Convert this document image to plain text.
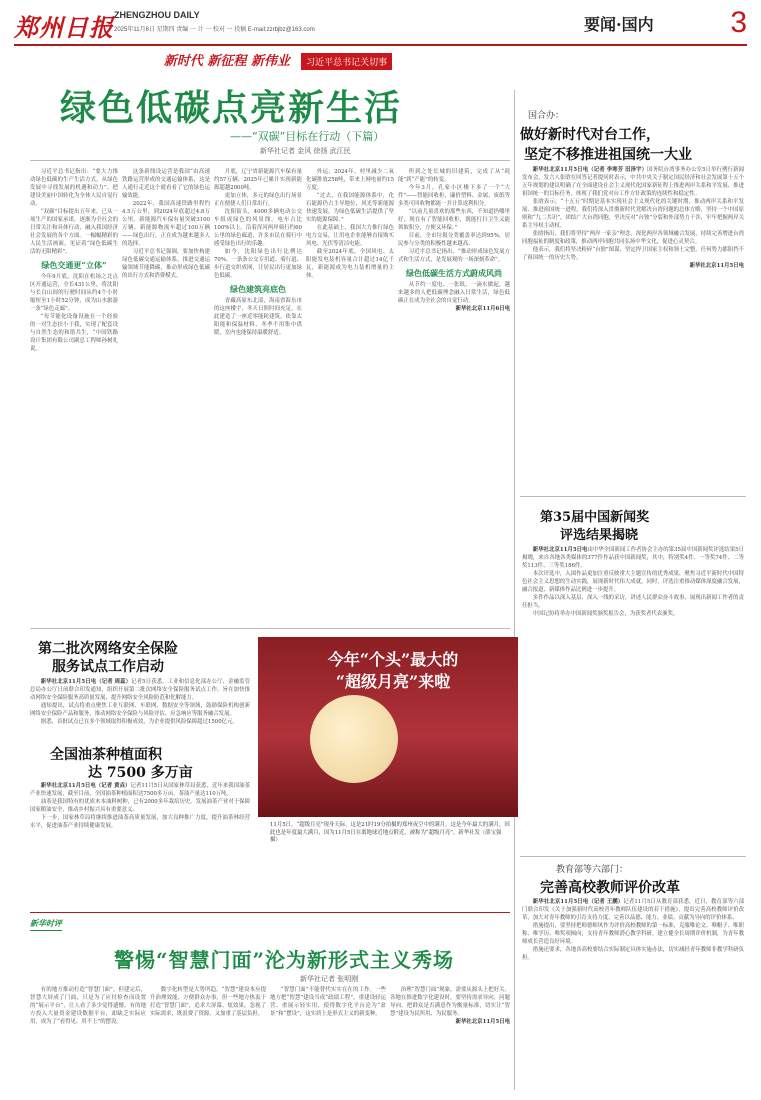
郑州日报 ZHENGZHOU DAILY
2025年11月6日 星期四 责编 一 计 一 校对 一 投稿 E-mail:zzrbjbz@163.com	要闻·国内	3
新时代 新征程 新伟业 习近平总书记关切事
绿色低碳点亮新生活
——“双碳”目标在行动（下篇）
新华社记者 金风 徐扬 武江民

习近平总书记指出：“要大力推动绿色低碳的生产生活方式，从绿色发展中寻找发展的机遇和动力”。把建设美丽中国转化为全体人民自觉行动。

“双碳”目标提出五年来，已从一项生产的国家承诺，逐渐为全社会的日常关注和具体行动，融入我国经济社会发展的各个方面。一幅幅精彩的人民生活画面，见证着“绿色低碳生活的无限精彩”。

绿色交通更“立体”

今年9月底，沈阳在机场之北点区开通运营，全长431公里，将沈阳与长白山间的行驶时间从约4个小时缩短至1小时52分钟，成为山水旅游一条“绿色走廊”。

“每节能化设备设施在一个经验的一对生态扶小于我，实现了配套设与自然生态的和谐共生，“中国铁路设计集团有限公司副总工程师孙树礼说。

这条新线设运营是我国“由高速铁路运营形成的交通运输体系，这是人通行走近这个就看看了它的绿色运输效能。

2022年，我国高速铁路里程约4.5万公里，到2024年底超过4.8万公里。新能源汽车保有量突破3100万辆，新能源物流车超过100万辆——绿色出行，正在成为越来越多人的选择。

习近平总书记强调，要加快构建绿色低碳交通运输体系，推进交通运输领域节能降碳，推动形成绿色低碳的出行方式和消费模式。

月底，辽宁省新能源汽车保有量约57万辆，2025年已累计实现新能源超越2000吨。

更加立体，多元的绿色出行场景正在便捷人们日常出行。

沈阳街头，4000多辆电动公交车组成绿色的风景线，电车占比100%以上。沿着浑河两岸骑行约60公里的绿色廊道，许多市民在骑行中感受绿色出行的乐趣。

如今，沈阳绿色出行比例达70%，一条条公交专用道、骑行道、步行道交织成网，让居民出行更加绿色低碳。

绿色建筑亮底色

青藏高原东北部，海南省海东市的这座楼宇，冬天日照时间充足，在此建造了一座近零能耗建筑，依靠太阳能和保温材料，冬季不用集中供暖，室内也能保持温暖舒适。

外运，2024年，村里减少二氧化碳排放258吨，带来上网电量约15万度。

“过去，在我国能源体系中，化石能源仍占主导地位，风光等新能源快速发展，为绿色低碳生活提供了坚实的能源保障。”

在此基础上，我国大力推行绿色电力交易，让用电企业能够直接购买风电、光伏等清洁电能。

截至2024年底，全国风电、太阳能发电装机容量合计超过14亿千瓦，新能源成为电力装机增量的主体。

所到之处长城的旧建筑，完成了从“耗能”到“产能”的转变。

今年3月，孔家小区楼下多了一个“大件”——智能回收柜，廉价塑料、金属、废纸等多类可回收物都能一并计算返利积分。

“以前儿童喜欢的那些东西，不知道扔哪里好，现在有了智能回收柜，既能打扫卫生又能领取积分，方便又环保。”

目前，全市垃圾分类覆盖率达到95%，居民参与分类的积极性越来越高。

习近平总书记指出，“推动形成绿色发展方式和生活方式，是发展观的一场深刻革命”。

绿色低碳生活方式蔚成风尚

从节约一度电、一张纸、一滴水做起，越来越多的人把低碳理念融入日常生活，绿色低碳正在成为全社会的自觉行动。

新华社北京11月6日电

国合办：
做好新时代对台工作，
坚定不移推进祖国统一大业

新华社北京11月5日电（记者 李寒芳 田泽宇）国务院台湾事务办公室5日举行例行新闻发布会，发言人张晗在回答记者提问时表示，中共中央关于制定国民经济和社会发展第十五个五年规划的建议明确了在全面建设社会主义现代化国家新征程上推进两岸关系和平发展、推进祖国统一的目标任务，体现了我们党对台工作方针政策的连续性和稳定性。

张晗表示，“十五五”时期是基本实现社会主义现代化的关键时期，推动两岸关系和平发展、推进祖国统一进程，我们将深入贯彻新时代党解决台湾问题的总体方略，坚持一个中国原则和“九二共识”，团结广大台湾同胞，坚决反对“台独”分裂和外部势力干涉，牢牢把握两岸关系主导权主动权。

张晗指出，我们将坚持“两岸一家亲”理念，深化两岸各领域融合发展，持续完善增进台湾同胞福祉的制度和政策，推动两岸同胞共同弘扬中华文化，促进心灵契合。

他表示，我们将坚决粉碎“台独”图谋，坚定捍卫国家主权和领土完整，任何势力都阻挡不了祖国统一的历史大势。

新华社北京11月5日电

第35届中国新闻奖
评选结果揭晓

新华社北京11月5日电由中华全国新闻工作者协会主办的第35届中国新闻奖评选结果5日揭晓，来自各地各类媒体的377件作品获中国新闻奖，其中，特别奖4件、一等奖74件、二等奖113件、三等奖186件。

本次评选中，入围作品更加注重反映重大主题宣传的优秀成果，聚焦习近平新时代中国特色社会主义思想的生动实践，展现新时代伟大成就。同时，评选注重推动媒体深度融合发展，融合报道、新媒体作品比例进一步提升。

多件作品以深入基层、深入一线的采访，讲述人民群众奋斗故事，展现出新闻工作者的责任担当。

中国记协将举办中国新闻奖颁奖报告会，为获奖者代表颁奖。

教育部等六部门：
完善高校教师评价改革

新华社北京11月5日电（记者 王鹏）记者11月5日从教育部获悉，近日，教育部等六部门联合印发《关于加强新时代高校青年教师队伍建设的若干措施》，提出完善高校教师评价改革，加大对青年教师的引育支持力度，完善以品德、能力、业绩、贡献为导向的评价体系。

措施提出，要坚持把师德师风作为评价高校教师的第一标准，克服唯论文、唯帽子、唯职称、唯学历、唯奖项倾向，支持青年教师潜心教学科研，建立健全长周期评价机制，为青年教师成长营造良好环境。

措施还要求，各地各高校要结合实际制定具体实施办法，切实减轻青年教师非教学科研负担。

第二批次网络安全保险
服务试点工作启动

新华社北京11月5日电（记者 周蕊）记者5日获悉，工业和信息化部办公厅、金融监管总局办公厅日前联合印发通知，组织开展第二批次网络安全保险服务试点工作，旨在加快推动网络安全保险服务高质量发展，提升网络安全风险防范和化解能力。

通知提出，试点将重点聚焦工业互联网、车联网、数据安全等领域，鼓励保险机构创新网络安全保险产品和服务，推动网络安全保险与风险评估、应急响应等服务融合发展。

据悉，首批试点已在多个领域取得积极成效，为企业提供风险保障超过1500亿元。

全国油茶种植面积
达 7500 多万亩

新华社北京11月5日电（记者 黄垚）记者11月5日从国家林草局获悉，近年来我国油茶产业快速发展，截至目前，全国油茶种植面积达7500多万亩，茶油产量达110万吨。

油茶是我国特有的优质木本油料树种，已有2000多年栽培历史。发展油茶产业对于保障国家粮油安全、推动乡村振兴具有重要意义。

下一步，国家林草局将继续推进油茶高质量发展，加大良种推广力度，提升油茶林经营水平，促进油茶产业持续健康发展。

今年“个头”最大的
“超级月亮”来啦
11月5日，“超级月亮”现身天际。这是21时19分拍摄的郑州夜空中的满月。这是今年最大的满月，因此也是年度最大满月，国为11月5日在离地球近地点附近，被称为“超级月亮”。新华社发（薛宝强 摄）
新华时评
警惕“智慧门面”沦为新形式主义秀场
新华社记者 张明刚

有的地方推动打造“智慧门面”，但建完后，智慧大屏成了门面，只是为了应付检查而设置的“展示平台”，让人看了多少觉得遗憾。有的地方投入大量资金建设数据平台，却缺乏实际应用，成为了“看得见、用不上”的摆设。

数字化转型是大势所趋，“智慧”建设本应提升治理效能、方便群众办事。但一些地方热衷于打造“智慧门面”，追求大屏幕、炫效果，忽视了实际需求，既浪费了资源，又加重了基层负担。

“智慧门面”不能替代实实在在的工作。一些地方把“智慧”建设当成“政绩工程”，重建设轻运营、重展示轻实用，使得数字化平台沦为“盆景”和“摆设”，这实质上是形式主义的新变种。

治理“智慧门面”现象，需要从源头上把好关。各地在推进数字化建设时，要坚持需求导向、问题导向，把群众是否满意作为衡量标准，切实让“智慧”建设为民所用、为民服务。

新华社北京11月5日电
